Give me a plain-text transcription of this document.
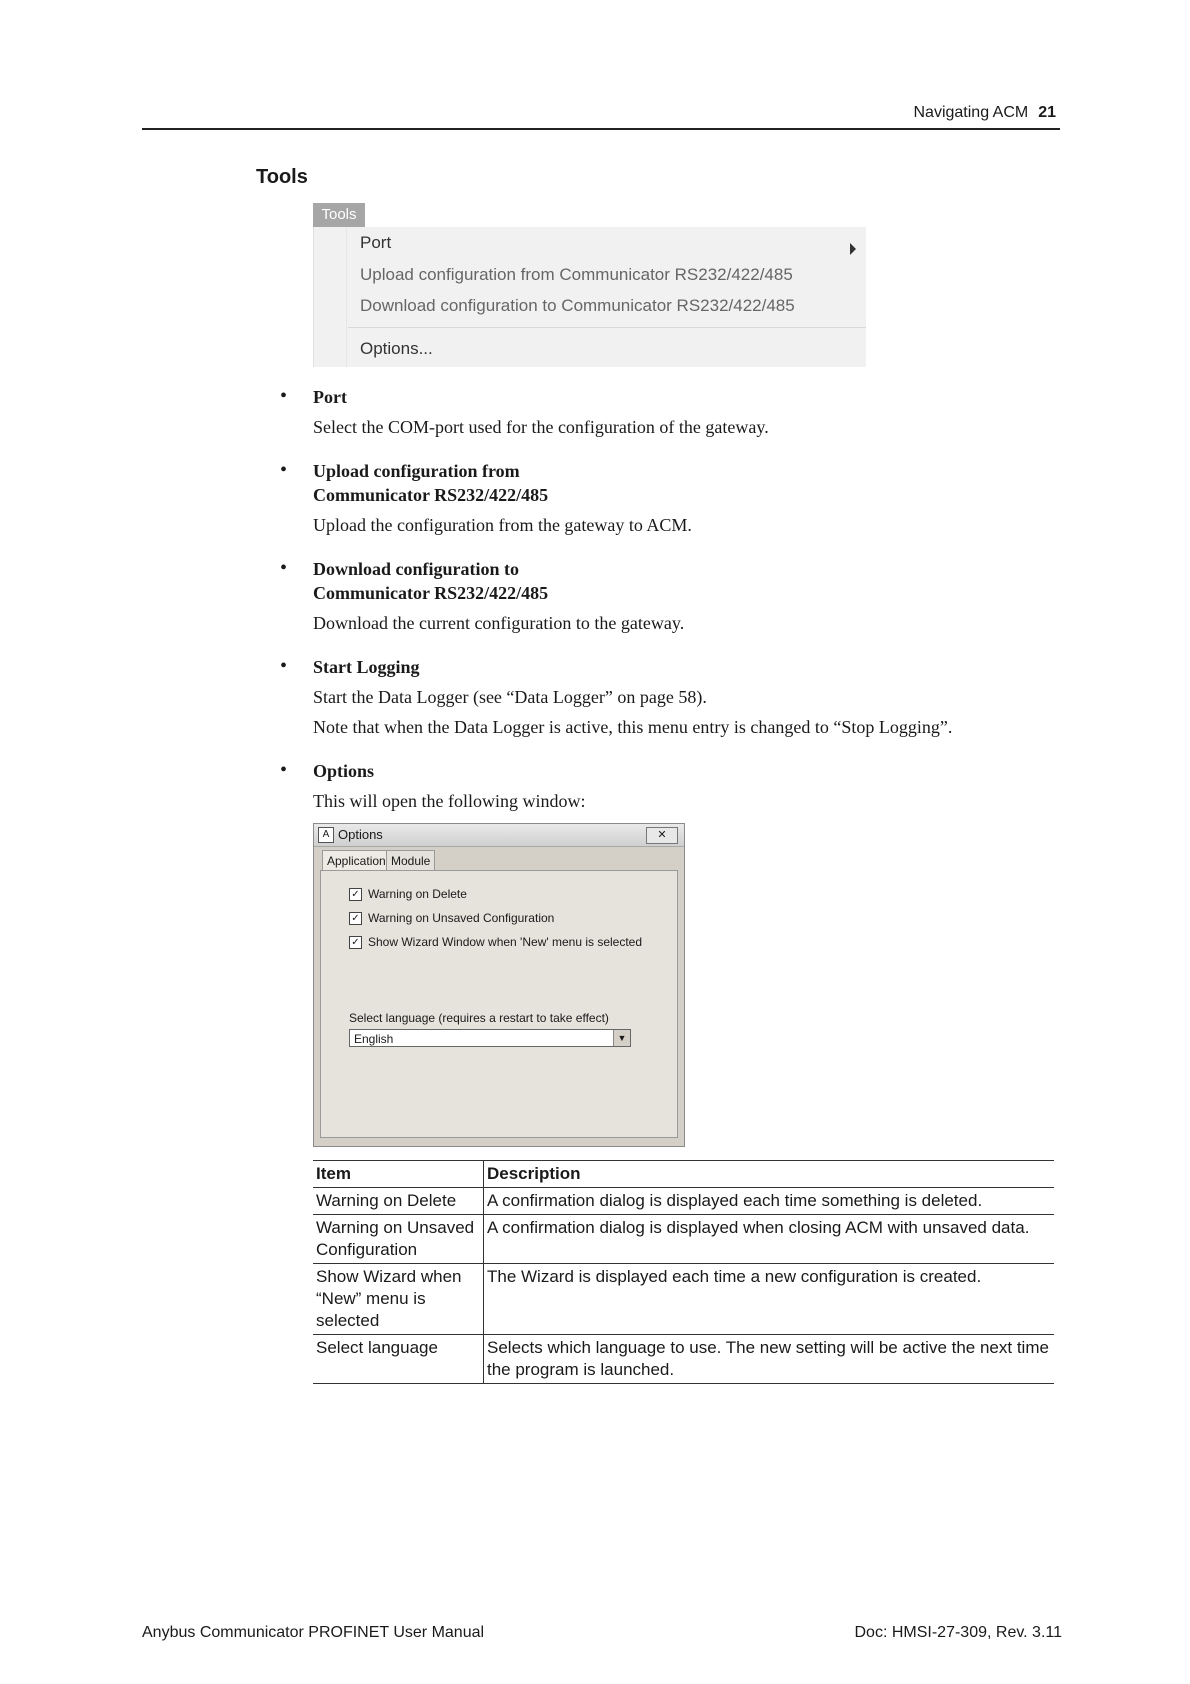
Navigating ACM 21
Tools
Tools
Port
Upload configuration from Communicator RS232/422/485
Download configuration to Communicator RS232/422/485
Options...
•	Port
Select the COM-port used for the configuration of the gateway.
•	Upload configuration from
Communicator RS232/422/485
Upload the configuration from the gateway to ACM.
•	Download configuration to
Communicator RS232/422/485
Download the current configuration to the gateway.
•	Start Logging
Start the Data Logger (see “Data Logger” on page 58).
Note that when the Data Logger is active, this menu entry is changed to “Stop Logging”.
•	Options
This will open the following window:
A Options	✕
Application Module
✓ Warning on Delete
✓ Warning on Unsaved Configuration
✓ Show Wizard Window when 'New' menu is selected
Select language (requires a restart to take effect)
English	▼
Item	Description
Warning on Delete	A confirmation dialog is displayed each time something is deleted.
Warning on Unsaved Configuration	A confirmation dialog is displayed when closing ACM with unsaved data.
Show Wizard when “New” menu is selected	The Wizard is displayed each time a new configuration is created.
Select language	Selects which language to use. The new setting will be active the next time the program is launched.
Anybus Communicator PROFINET User Manual	Doc: HMSI-27-309, Rev. 3.11
